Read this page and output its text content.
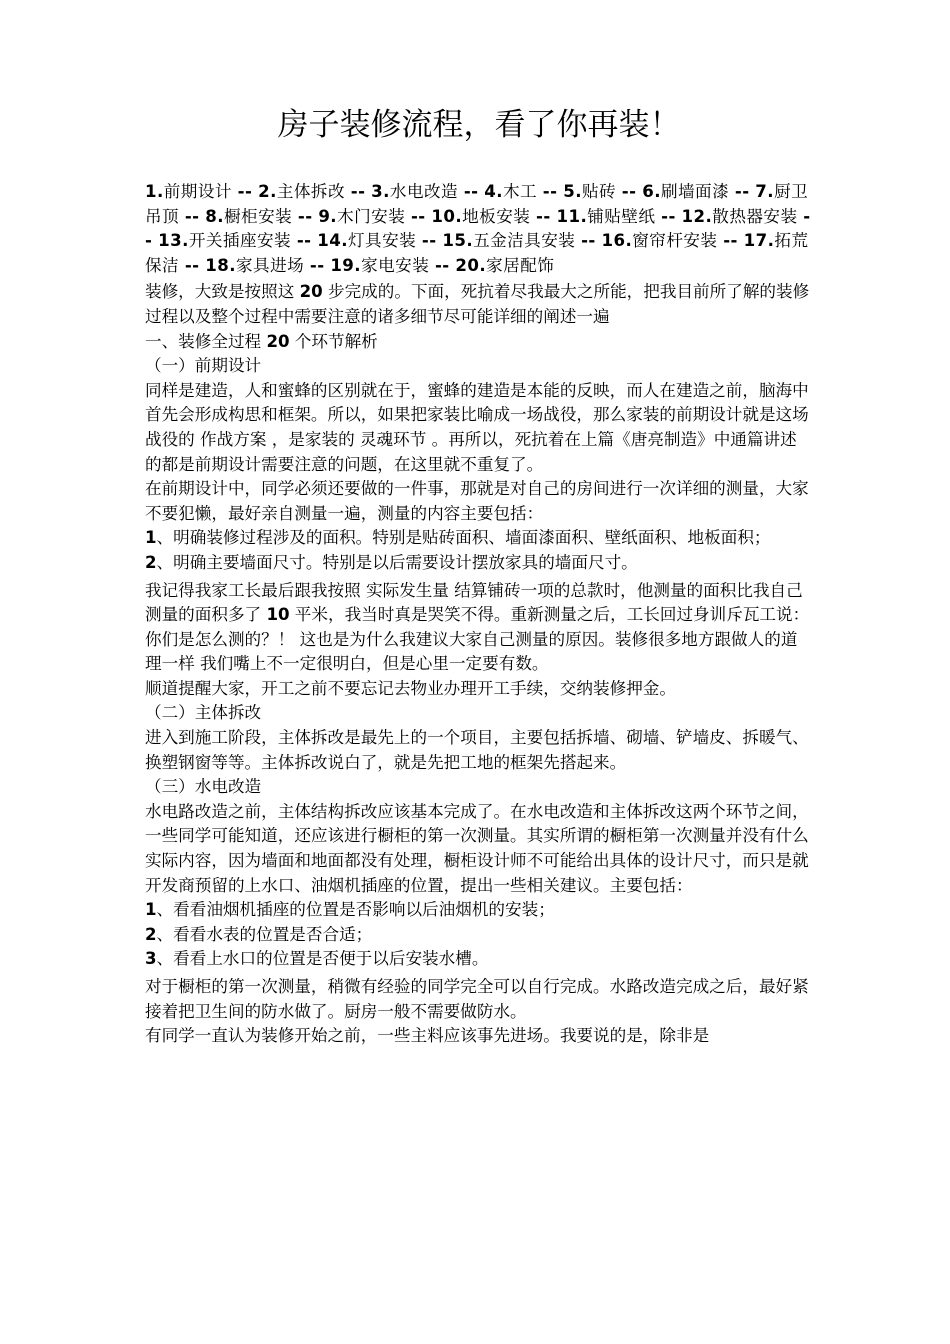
房子装修流程，看了你再装！

1.前期设计 -- 2.主体拆改 -- 3.水电改造 -- 4.木工 -- 5.贴砖 -- 6.刷墙面漆 -- 7.厨卫吊顶 -- 8.橱柜安装 -- 9.木门安装 -- 10.地板安装 -- 11.铺贴壁纸 -- 12.散热器安装 -- 13.开关插座安装 -- 14.灯具安装 -- 15.五金洁具安装 -- 16.窗帘杆安装 -- 17.拓荒保洁 -- 18.家具进场 -- 19.家电安装 -- 20.家居配饰

装修，大致是按照这 20 步完成的。下面，死抗着尽我最大之所能，把我目前所了解的装修过程以及整个过程中需要注意的诸多细节尽可能详细的阐述一遍

一、装修全过程 20 个环节解析

（一）前期设计

同样是建造，人和蜜蜂的区别就在于，蜜蜂的建造是本能的反映，而人在建造之前，脑海中首先会形成构思和框架。所以，如果把家装比喻成一场战役，那么家装的前期设计就是这场战役的 作战方案 ，是家装的 灵魂环节 。再所以，死抗着在上篇《唐亮制造》中通篇讲述的都是前期设计需要注意的问题，在这里就不重复了。

在前期设计中，同学必须还要做的一件事，那就是对自己的房间进行一次详细的测量，大家不要犯懒，最好亲自测量一遍，测量的内容主要包括：

1、明确装修过程涉及的面积。特别是贴砖面积、墙面漆面积、壁纸面积、地板面积；

2、明确主要墙面尺寸。特别是以后需要设计摆放家具的墙面尺寸。

我记得我家工长最后跟我按照 实际发生量 结算铺砖一项的总款时，他测量的面积比我自己测量的面积多了 10 平米，我当时真是哭笑不得。重新测量之后，工长回过身训斥瓦工说： 你们是怎么测的？！ 这也是为什么我建议大家自己测量的原因。装修很多地方跟做人的道理一样 我们嘴上不一定很明白，但是心里一定要有数。

顺道提醒大家，开工之前不要忘记去物业办理开工手续，交纳装修押金。

（二）主体拆改

进入到施工阶段，主体拆改是最先上的一个项目，主要包括拆墙、砌墙、铲墙皮、拆暖气、换塑钢窗等等。主体拆改说白了，就是先把工地的框架先搭起来。

（三）水电改造

水电路改造之前，主体结构拆改应该基本完成了。在水电改造和主体拆改这两个环节之间，一些同学可能知道，还应该进行橱柜的第一次测量。其实所谓的橱柜第一次测量并没有什么实际内容，因为墙面和地面都没有处理，橱柜设计师不可能给出具体的设计尺寸，而只是就开发商预留的上水口、油烟机插座的位置，提出一些相关建议。主要包括：

1、看看油烟机插座的位置是否影响以后油烟机的安装；

2、看看水表的位置是否合适；

3、看看上水口的位置是否便于以后安装水槽。

对于橱柜的第一次测量，稍微有经验的同学完全可以自行完成。水路改造完成之后，最好紧接着把卫生间的防水做了。厨房一般不需要做防水。

有同学一直认为装修开始之前，一些主料应该事先进场。我要说的是，除非是
